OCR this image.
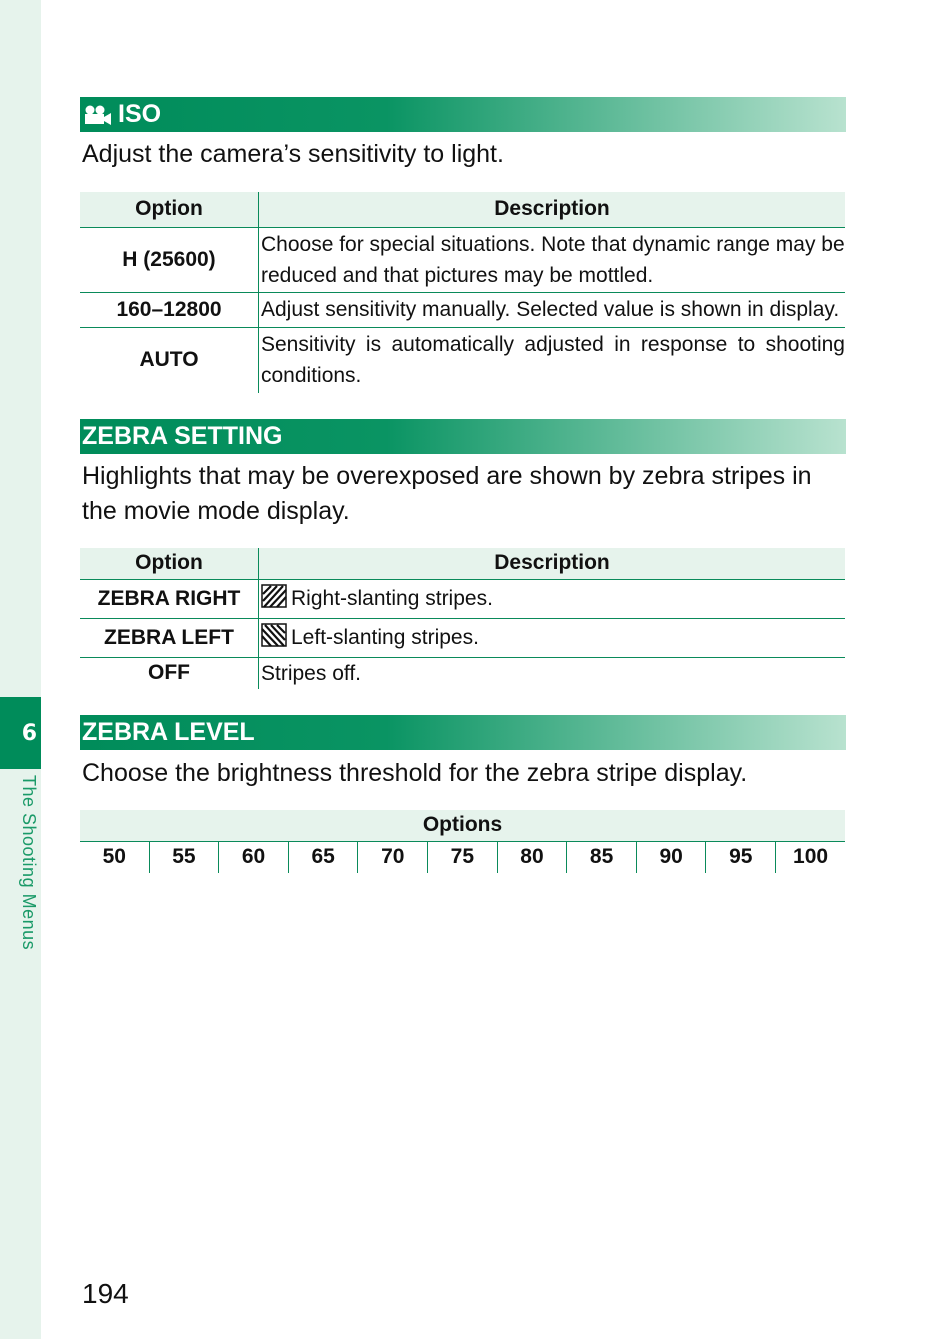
6
The Shooting Menus
ISO
Adjust the camera’s sensitivity to light.
Option	Description
H (25600)	Choose for special situations. Note that dynamic range may be reduced and that pictures may be mottled.
160–12800	Adjust sensitivity manually. Selected value is shown in display.
AUTO	Sensitivity is automatically adjusted in response to shooting conditions.
ZEBRA SETTING
Highlights that may be overexposed are shown by zebra stripes in the movie mode display.
Option	Description
ZEBRA RIGHT	Right-slanting stripes.
ZEBRA LEFT	Left-slanting stripes.
OFF	Stripes off.
ZEBRA LEVEL
Choose the brightness threshold for the zebra stripe display.
Options
50	55	60	65	70	75	80	85	90	95	100
194
